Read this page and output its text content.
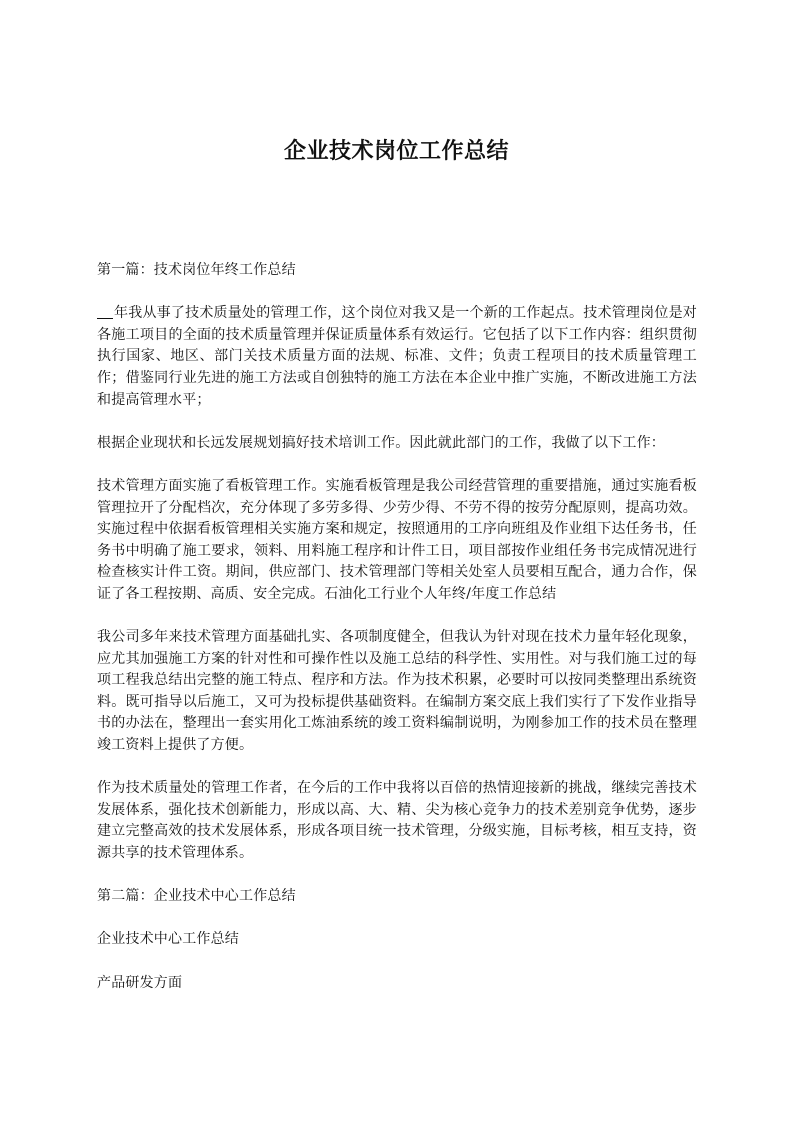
企业技术岗位工作总结

第一篇：技术岗位年终工作总结

年我从事了技术质量处的管理工作，这个岗位对我又是一个新的工作起点。技术管理岗位是对各施工项目的全面的技术质量管理并保证质量体系有效运行。它包括了以下工作内容：组织贯彻执行国家、地区、部门关技术质量方面的法规、标准、文件；负责工程项目的技术质量管理工作；借鉴同行业先进的施工方法或自创独特的施工方法在本企业中推广实施，不断改进施工方法和提高管理水平；

根据企业现状和长远发展规划搞好技术培训工作。因此就此部门的工作，我做了以下工作：

技术管理方面实施了看板管理工作。实施看板管理是我公司经营管理的重要措施，通过实施看板管理拉开了分配档次，充分体现了多劳多得、少劳少得、不劳不得的按劳分配原则，提高功效。实施过程中依据看板管理相关实施方案和规定，按照通用的工序向班组及作业组下达任务书，任务书中明确了施工要求，领料、用料施工程序和计件工日，项目部按作业组任务书完成情况进行检查核实计件工资。期间，供应部门、技术管理部门等相关处室人员要相互配合，通力合作，保证了各工程按期、高质、安全完成。石油化工行业个人年终/年度工作总结

我公司多年来技术管理方面基础扎实、各项制度健全，但我认为针对现在技术力量年轻化现象，应尤其加强施工方案的针对性和可操作性以及施工总结的科学性、实用性。对与我们施工过的每项工程我总结出完整的施工特点、程序和方法。作为技术积累，必要时可以按同类整理出系统资料。既可指导以后施工，又可为投标提供基础资料。在编制方案交底上我们实行了下发作业指导书的办法在，整理出一套实用化工炼油系统的竣工资料编制说明，为刚参加工作的技术员在整理竣工资料上提供了方便。

作为技术质量处的管理工作者，在今后的工作中我将以百倍的热情迎接新的挑战，继续完善技术发展体系，强化技术创新能力，形成以高、大、精、尖为核心竞争力的技术差别竞争优势，逐步建立完整高效的技术发展体系，形成各项目统一技术管理，分级实施，目标考核，相互支持，资源共享的技术管理体系。

第二篇：企业技术中心工作总结

企业技术中心工作总结

产品研发方面
